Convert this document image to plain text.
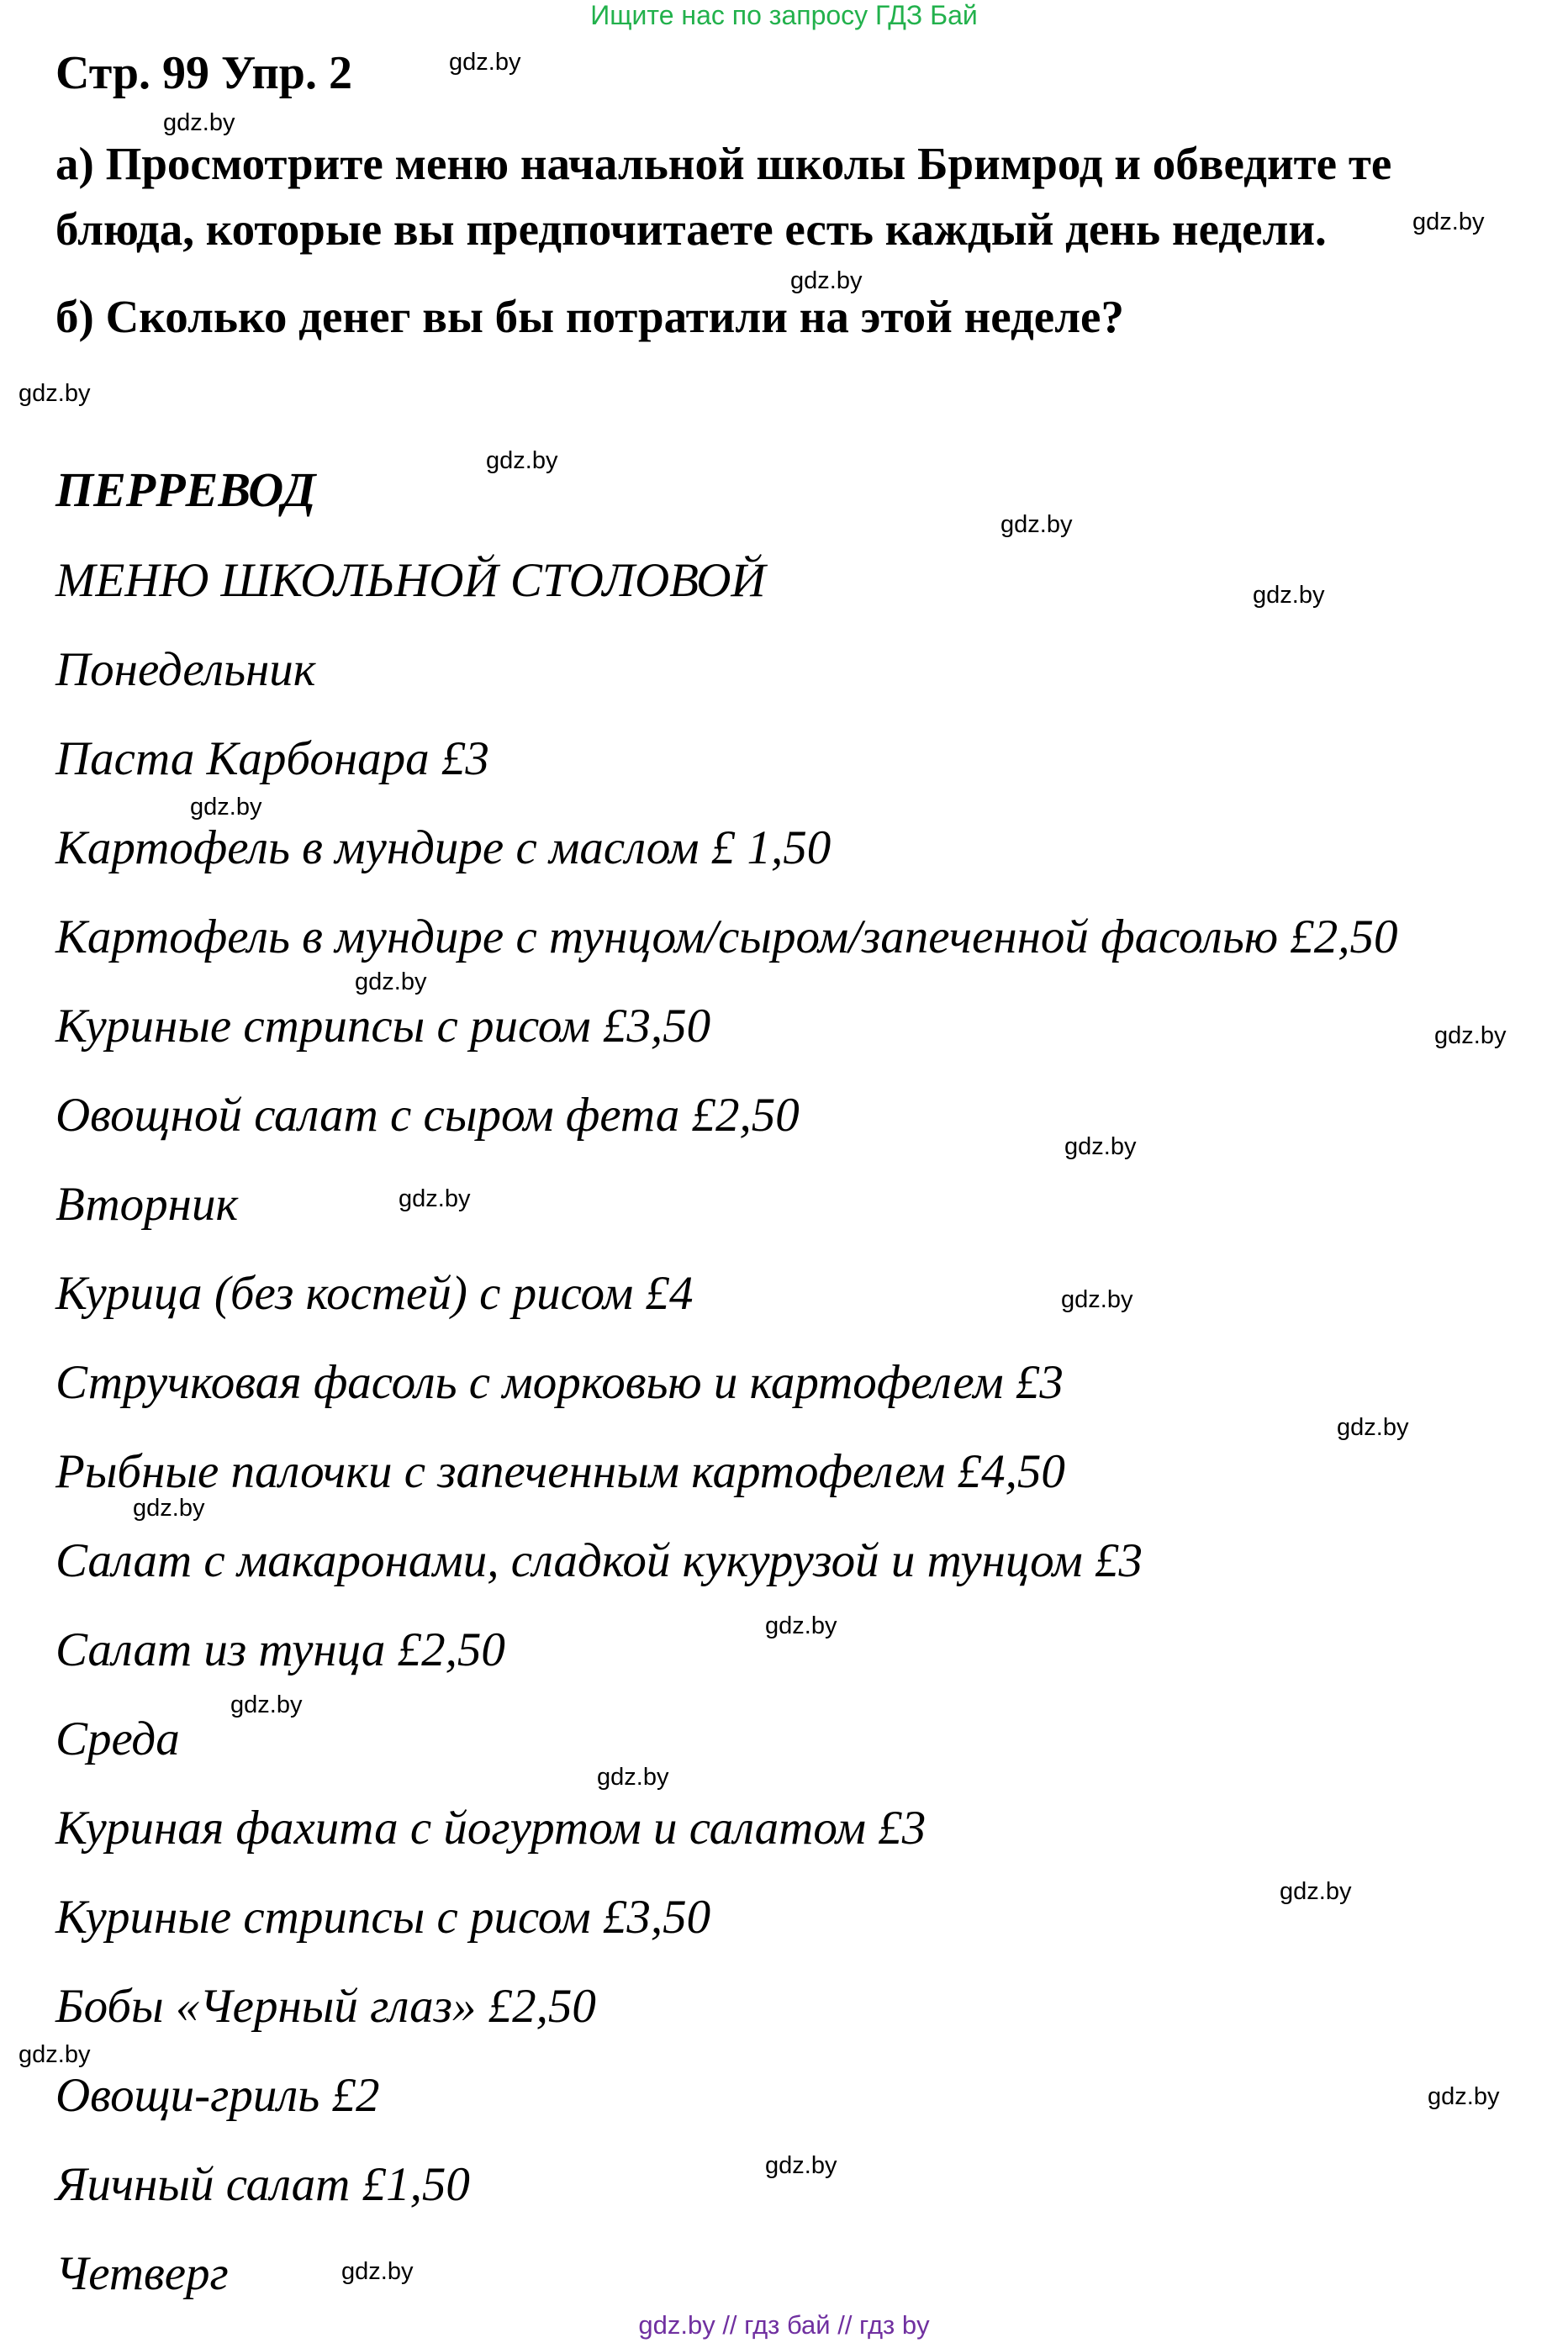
Ищите нас по запросу ГДЗ Бай
Стр. 99 Упр. 2
а) Просмотрите меню начальной школы Бримрод и обведите те
блюда, которые вы предпочитаете есть каждый день недели.
б) Сколько денег вы бы потратили на этой неделе?
ПЕРРЕВОД
МЕНЮ ШКОЛЬНОЙ СТОЛОВОЙ
Понедельник
Паста Карбонара £3
Картофель в мундире с маслом £ 1,50
Картофель в мундире с тунцом/сыром/запеченной фасолью £2,50
Куриные стрипсы с рисом £3,50
Овощной салат с сыром фета £2,50
Вторник
Курица (без костей) с рисом £4
Стручковая фасоль с морковью и картофелем £3
Рыбные палочки с запеченным картофелем £4,50
Салат с макаронами, сладкой кукурузой и тунцом £3
Салат из тунца £2,50
Среда
Куриная фахита с йогуртом и салатом £3
Куриные стрипсы с рисом £3,50
Бобы «Черный глаз» £2,50
Овощи-гриль £2
Яичный салат £1,50
Четверг
gdz.by
gdz.by
gdz.by
gdz.by
gdz.by
gdz.by
gdz.by
gdz.by
gdz.by
gdz.by
gdz.by
gdz.by
gdz.by
gdz.by
gdz.by
gdz.by
gdz.by
gdz.by
gdz.by
gdz.by
gdz.by
gdz.by
gdz.by
gdz.by
gdz.by // гдз бай // гдз by
